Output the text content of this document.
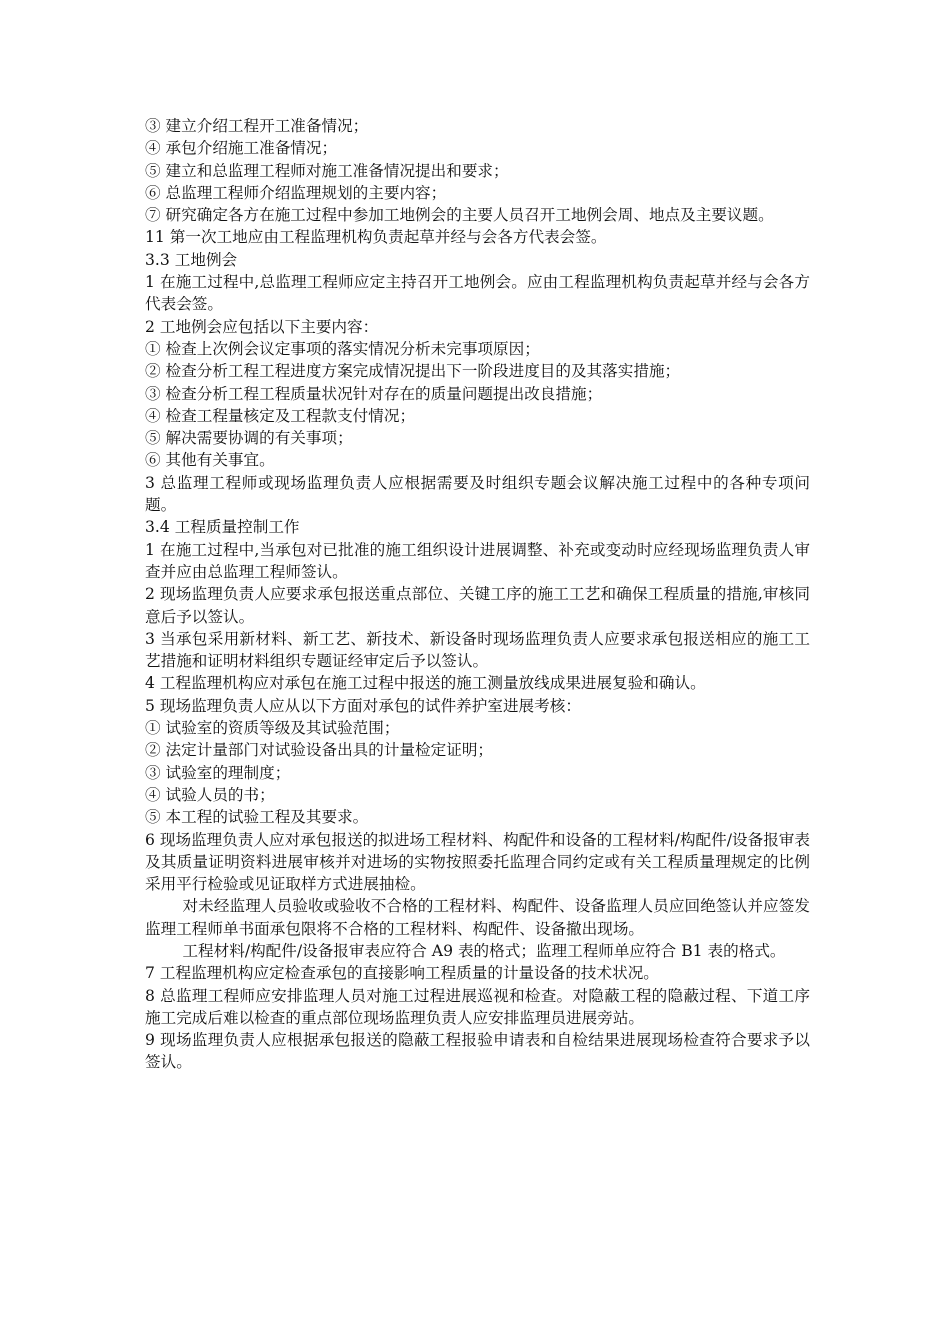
③ 建立介绍工程开工准备情况；

④ 承包介绍施工准备情况；

⑤ 建立和总监理工程师对施工准备情况提出和要求；

⑥ 总监理工程师介绍监理规划的主要内容；

⑦ 研究确定各方在施工过程中参加工地例会的主要人员召开工地例会周、地点及主要议题。

11 第一次工地应由工程监理机构负责起草并经与会各方代表会签。

3.3 工地例会

1 在施工过程中,总监理工程师应定主持召开工地例会。应由工程监理机构负责起草并经与会各方代表会签。

2 工地例会应包括以下主要内容：

① 检查上次例会议定事项的落实情况分析未完事项原因；

② 检查分析工程工程进度方案完成情况提出下一阶段进度目的及其落实措施；

③ 检查分析工程工程质量状况针对存在的质量问题提出改良措施；

④ 检查工程量核定及工程款支付情况；

⑤ 解决需要协调的有关事项；

⑥ 其他有关事宜。

3 总监理工程师或现场监理负责人应根据需要及时组织专题会议解决施工过程中的各种专项问题。

3.4 工程质量控制工作

1 在施工过程中,当承包对已批准的施工组织设计进展调整、补充或变动时应经现场监理负责人审查并应由总监理工程师签认。

2 现场监理负责人应要求承包报送重点部位、关键工序的施工工艺和确保工程质量的措施,审核同意后予以签认。

3 当承包采用新材料、新工艺、新技术、新设备时现场监理负责人应要求承包报送相应的施工工艺措施和证明材料组织专题证经审定后予以签认。

4 工程监理机构应对承包在施工过程中报送的施工测量放线成果进展复验和确认。

5 现场监理负责人应从以下方面对承包的试件养护室进展考核：

① 试验室的资质等级及其试验范围；

② 法定计量部门对试验设备出具的计量检定证明；

③ 试验室的理制度；

④ 试验人员的书；

⑤ 本工程的试验工程及其要求。

6 现场监理负责人应对承包报送的拟进场工程材料、构配件和设备的工程材料/构配件/设备报审表及其质量证明资料进展审核并对进场的实物按照委托监理合同约定或有关工程质量理规定的比例采用平行检验或见证取样方式进展抽检。

对未经监理人员验收或验收不合格的工程材料、构配件、设备监理人员应回绝签认并应签发监理工程师单书面承包限将不合格的工程材料、构配件、设备撤出现场。

工程材料/构配件/设备报审表应符合 A9 表的格式；监理工程师单应符合 B1 表的格式。

7 工程监理机构应定检查承包的直接影响工程质量的计量设备的技术状况。

8 总监理工程师应安排监理人员对施工过程进展巡视和检查。对隐蔽工程的隐蔽过程、下道工序施工完成后难以检查的重点部位现场监理负责人应安排监理员进展旁站。

9 现场监理负责人应根据承包报送的隐蔽工程报验申请表和自检结果进展现场检查符合要求予以签认。
